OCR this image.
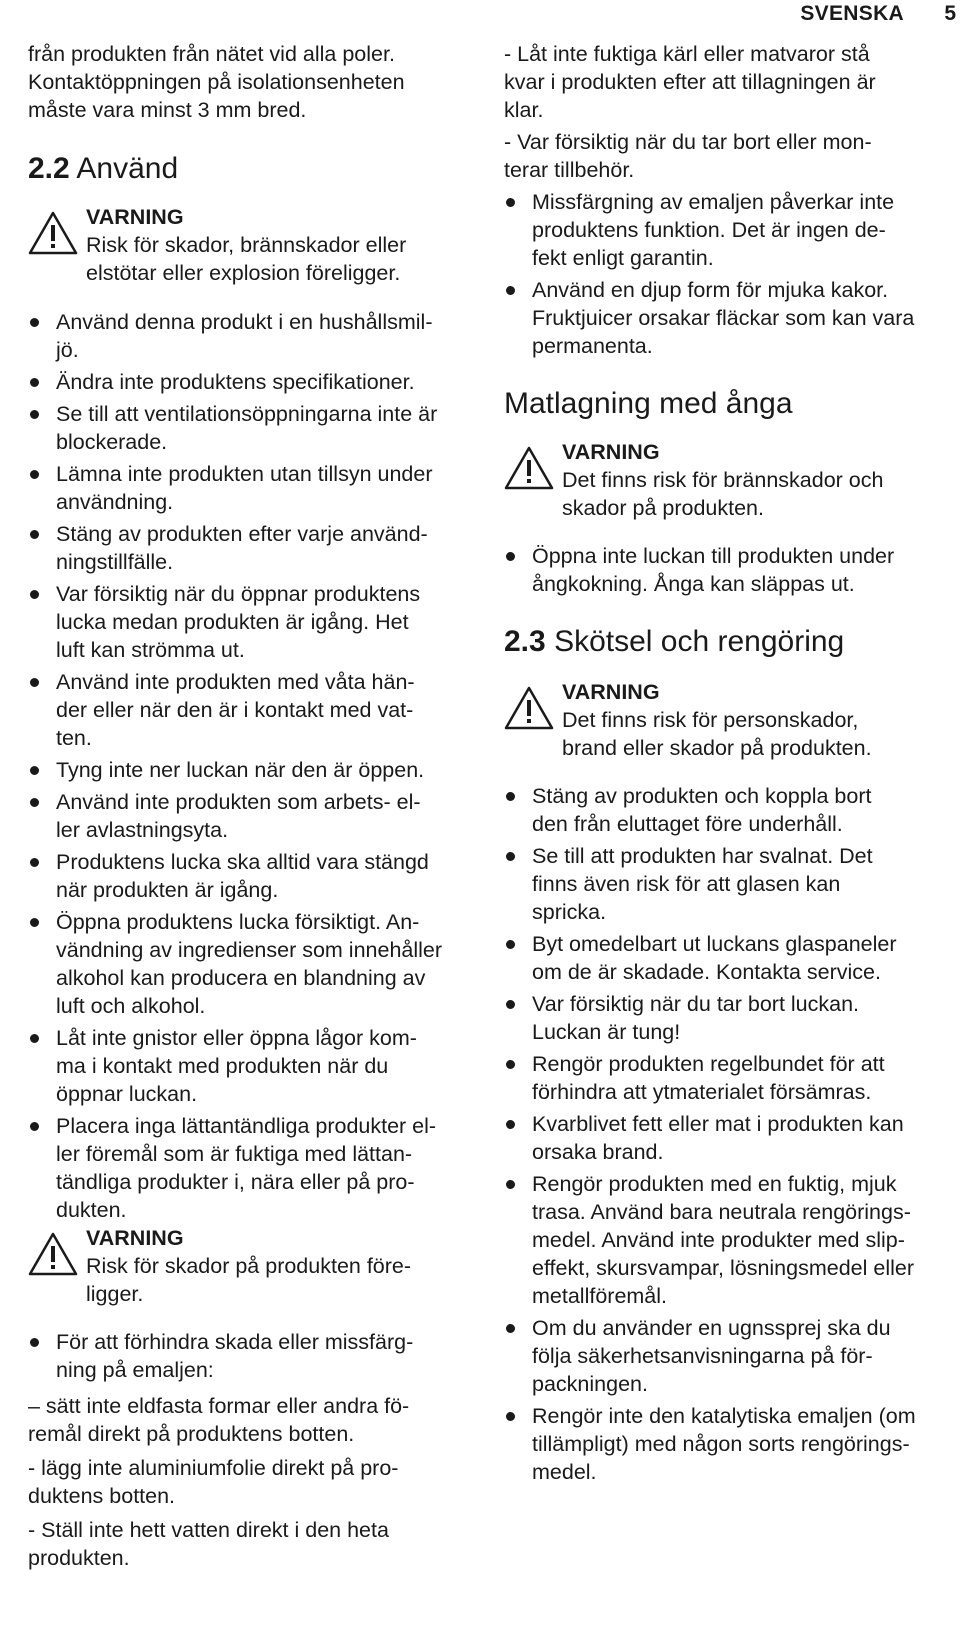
SVENSKA 5

från produkten från nätet vid alla poler.

Kontaktöppningen på isolationsenheten

måste vara minst 3 mm bred.

2.2 Använd

VARNING

Risk för skador, brännskador eller

elstötar eller explosion föreligger.

Använd denna produkt i en hushållsmil-

jö.

Ändra inte produktens specifikationer.

Se till att ventilationsöppningarna inte är

blockerade.

Lämna inte produkten utan tillsyn under

användning.

Stäng av produkten efter varje använd-

ningstillfälle.

Var försiktig när du öppnar produktens

lucka medan produkten är igång. Het

luft kan strömma ut.

Använd inte produkten med våta hän-

der eller när den är i kontakt med vat-

ten.

Tyng inte ner luckan när den är öppen.

Använd inte produkten som arbets- el-

ler avlastningsyta.

Produktens lucka ska alltid vara stängd

när produkten är igång.

Öppna produktens lucka försiktigt. An-

vändning av ingredienser som innehåller

alkohol kan producera en blandning av

luft och alkohol.

Låt inte gnistor eller öppna lågor kom-

ma i kontakt med produkten när du

öppnar luckan.

Placera inga lättantändliga produkter el-

ler föremål som är fuktiga med lättan-

tändliga produkter i, nära eller på pro-

dukten.

VARNING

Risk för skador på produkten före-

ligger.

För att förhindra skada eller missfärg-

ning på emaljen:

– sätt inte eldfasta formar eller andra fö-

remål direkt på produktens botten.

- lägg inte aluminiumfolie direkt på pro-

duktens botten.

- Ställ inte hett vatten direkt i den heta

produkten.

- Låt inte fuktiga kärl eller matvaror stå

kvar i produkten efter att tillagningen är

klar.

- Var försiktig när du tar bort eller mon-

terar tillbehör.

Missfärgning av emaljen påverkar inte

produktens funktion. Det är ingen de-

fekt enligt garantin.

Använd en djup form för mjuka kakor.

Fruktjuicer orsakar fläckar som kan vara

permanenta.

Matlagning med ånga

VARNING

Det finns risk för brännskador och

skador på produkten.

Öppna inte luckan till produkten under

ångkokning. Ånga kan släppas ut.

2.3 Skötsel och rengöring

VARNING

Det finns risk för personskador,

brand eller skador på produkten.

Stäng av produkten och koppla bort

den från eluttaget före underhåll.

Se till att produkten har svalnat. Det

finns även risk för att glasen kan

spricka.

Byt omedelbart ut luckans glaspaneler

om de är skadade. Kontakta service.

Var försiktig när du tar bort luckan.

Luckan är tung!

Rengör produkten regelbundet för att

förhindra att ytmaterialet försämras.

Kvarblivet fett eller mat i produkten kan

orsaka brand.

Rengör produkten med en fuktig, mjuk

trasa. Använd bara neutrala rengörings-

medel. Använd inte produkter med slip-

effekt, skursvampar, lösningsmedel eller

metallföremål.

Om du använder en ugnssprej ska du

följa säkerhetsanvisningarna på för-

packningen.

Rengör inte den katalytiska emaljen (om

tillämpligt) med någon sorts rengörings-

medel.
